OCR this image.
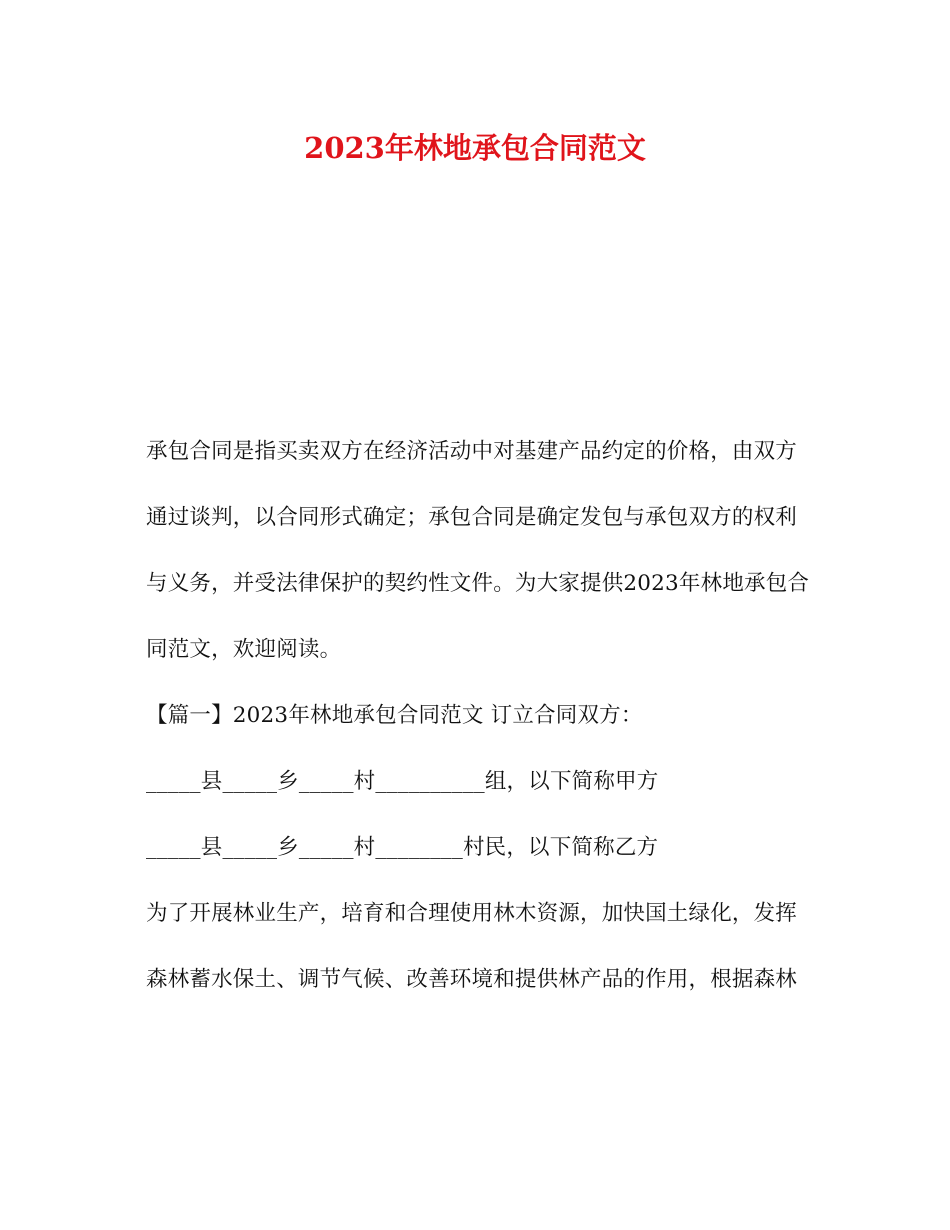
2023年林地承包合同范文
承包合同是指买卖双方在经济活动中对基建产品约定的价格，由双方
通过谈判，以合同形式确定；承包合同是确定发包与承包双方的权利
与义务，并受法律保护的契约性文件。为大家提供2023年林地承包合
同范文，欢迎阅读。
【篇一】2023年林地承包合同范文 订立合同双方：
_____县_____乡_____村__________组，以下简称甲方
_____县_____乡_____村________村民，以下简称乙方
为了开展林业生产，培育和合理使用林木资源，加快国土绿化，发挥
森林蓄水保土、调节气候、改善环境和提供林产品的作用，根据森林
